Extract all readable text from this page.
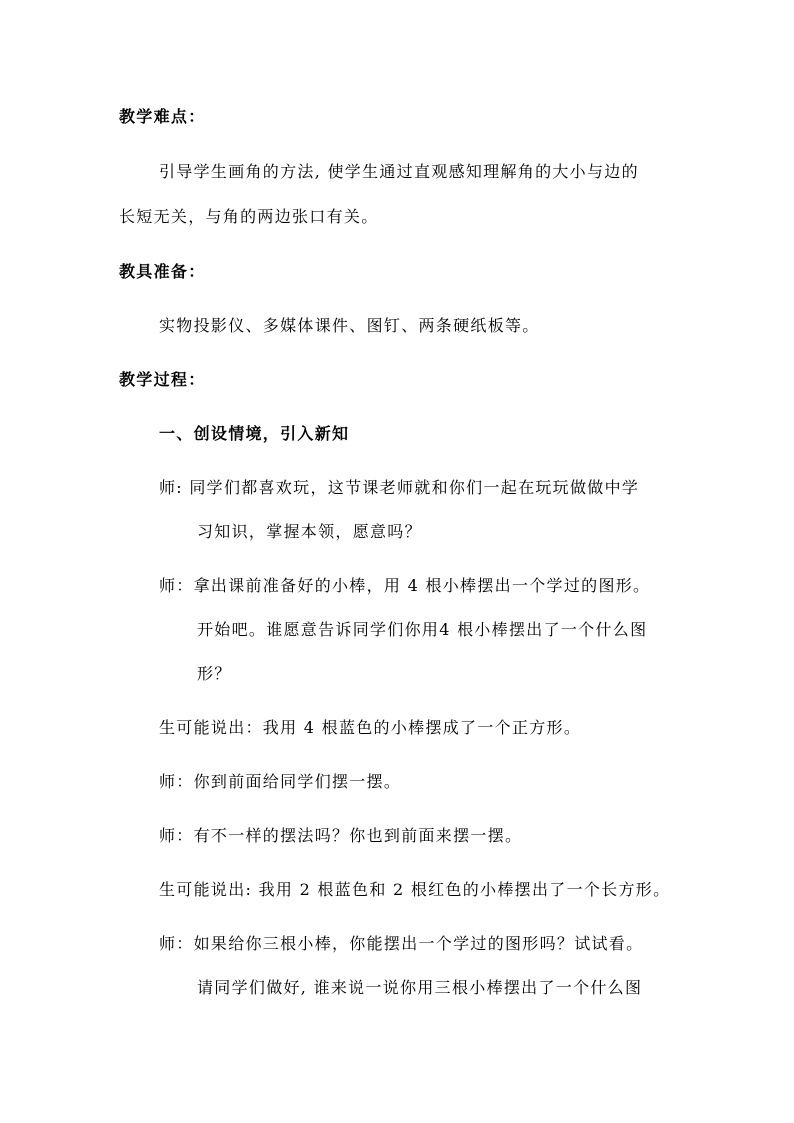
教学难点：
引导学生画角的方法, 使学生通过直观感知理解角的大小与边的
长短无关，与角的两边张口有关。
教具准备：
实物投影仪、多媒体课件、图钉、两条硬纸板等。
教学过程：
一、创设情境，引入新知
师: 同学们都喜欢玩，这节课老师就和你们一起在玩玩做做中学
习知识，掌握本领，愿意吗？
师：拿出课前准备好的小棒，用 4 根小棒摆出一个学过的图形。
开始吧。谁愿意告诉同学们你用4 根小棒摆出了一个什么图
形？
生可能说出：我用 4 根蓝色的小棒摆成了一个正方形。
师：你到前面给同学们摆一摆。
师：有不一样的摆法吗？你也到前面来摆一摆。
生可能说出: 我用 2 根蓝色和 2 根红色的小棒摆出了一个长方形。
师：如果给你三根小棒，你能摆出一个学过的图形吗？试试看。
请同学们做好, 谁来说一说你用三根小棒摆出了一个什么图
